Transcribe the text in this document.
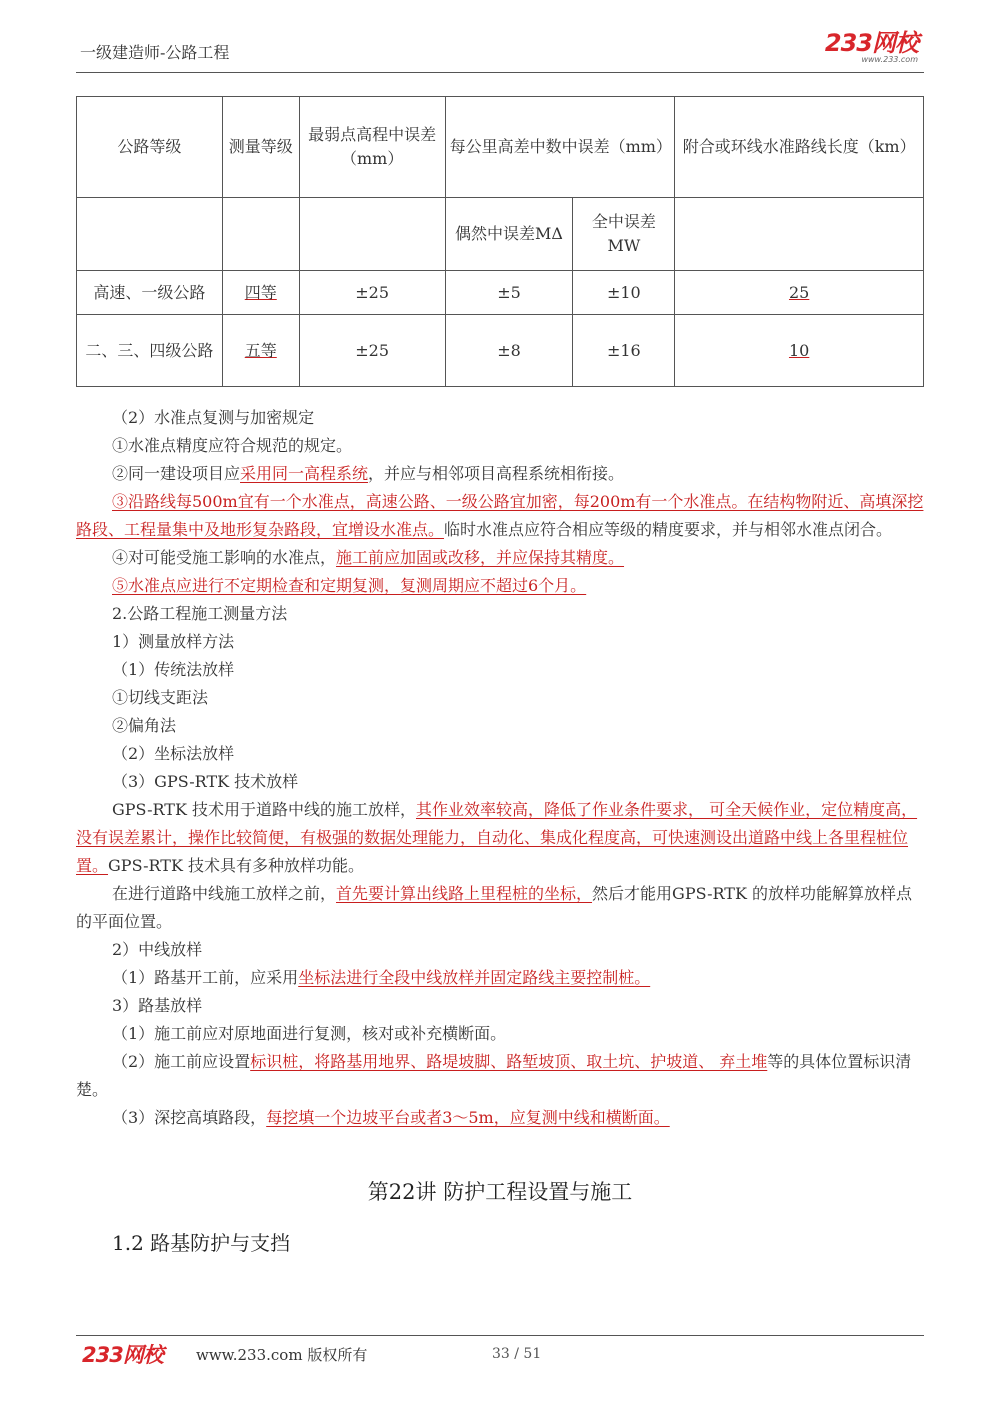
一级建造师-公路工程	233网校
www.233.com
公路等级	测量等级	最弱点高程中误差（mm）	每公里高差中数中误差（mm）		附合或环线水准路线长度（km）
			偶然中误差MΔ	全中误差MW	
高速、一级公路	四等	±25	±5	±10	25
二、三、四级公路	五等	±25	±8	±16	10

（2）水准点复测与加密规定

①水准点精度应符合规范的规定。

②同一建设项目应采用同一高程系统，并应与相邻项目高程系统相衔接。

③沿路线每500m宜有一个水准点，高速公路、一级公路宜加密，每200m有一个水准点。在结构物附近、高填深挖路段、工程量集中及地形复杂路段，宜增设水准点。临时水准点应符合相应等级的精度要求，并与相邻水准点闭合。

④对可能受施工影响的水准点，施工前应加固或改移，并应保持其精度。

⑤水准点应进行不定期检查和定期复测，复测周期应不超过6个月。

2.公路工程施工测量方法

1）测量放样方法

（1）传统法放样

①切线支距法

②偏角法

（2）坐标法放样

（3）GPS-RTK 技术放样

GPS-RTK 技术用于道路中线的施工放样，其作业效率较高，降低了作业条件要求， 可全天候作业，定位精度高，没有误差累计，操作比较简便，有极强的数据处理能力，自动化、集成化程度高，可快速测设出道路中线上各里程桩位置。GPS-RTK 技术具有多种放样功能。

在进行道路中线施工放样之前，首先要计算出线路上里程桩的坐标，然后才能用GPS-RTK 的放样功能解算放样点的平面位置。

2）中线放样

（1）路基开工前，应采用坐标法进行全段中线放样并固定路线主要控制桩。

3）路基放样

（1）施工前应对原地面进行复测，核对或补充横断面。

（2）施工前应设置标识桩，将路基用地界、路堤坡脚、路堑坡顶、取土坑、护坡道、 弃土堆等的具体位置标识清楚。

（3）深挖高填路段，每挖填一个边坡平台或者3～5m，应复测中线和横断面。

第22讲 防护工程设置与施工
1.2 路基防护与支挡
233网校 www.233.com 版权所有	33 / 51
